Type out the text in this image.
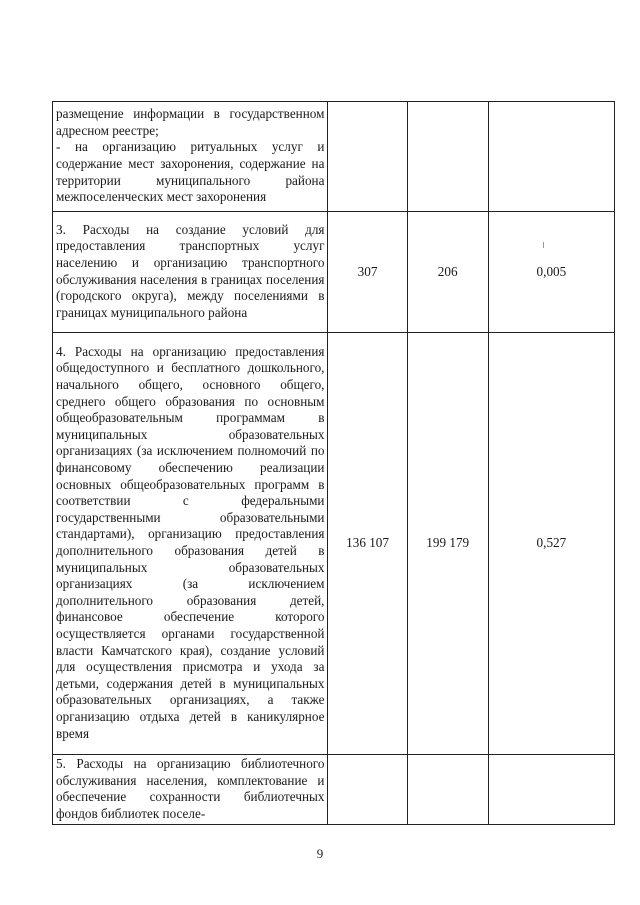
размещение информации в государственном адресном реестре;
- на организацию ритуальных услуг и содержание мест захоронения, содержание на территории муниципального района межпоселенческих мест захоронения			

3. Расходы на создание условий для предоставления транспортных услуг населению и организацию транспортного обслуживания населения в границах поселения (городского округа), между поселениями в границах муниципального района	307	206	0,005

4. Расходы на организацию предоставления общедоступного и бесплатного дошкольного, начального общего, основного общего, среднего общего образования по основным общеобразовательным программам в муниципальных образовательных организациях (за исключением полномочий по финансовому обеспечению реализации основных общеобразовательных программ в соответствии с федеральными государственными образовательными стандартами), организацию предоставления дополнительного образования детей в муниципальных образовательных организациях (за исключением дополнительного образования детей, финансовое обеспечение которого осуществляется органами государственной власти Камчатского края), создание условий для осуществления присмотра и ухода за детьми, содержания детей в муниципальных образовательных организациях, а также организацию отдыха детей в каникулярное время	136 107	199 179	0,527

5. Расходы на организацию библиотечного обслуживания населения, комплектование и обеспечение сохранности библиотечных фондов библиотек поселе-			

9
